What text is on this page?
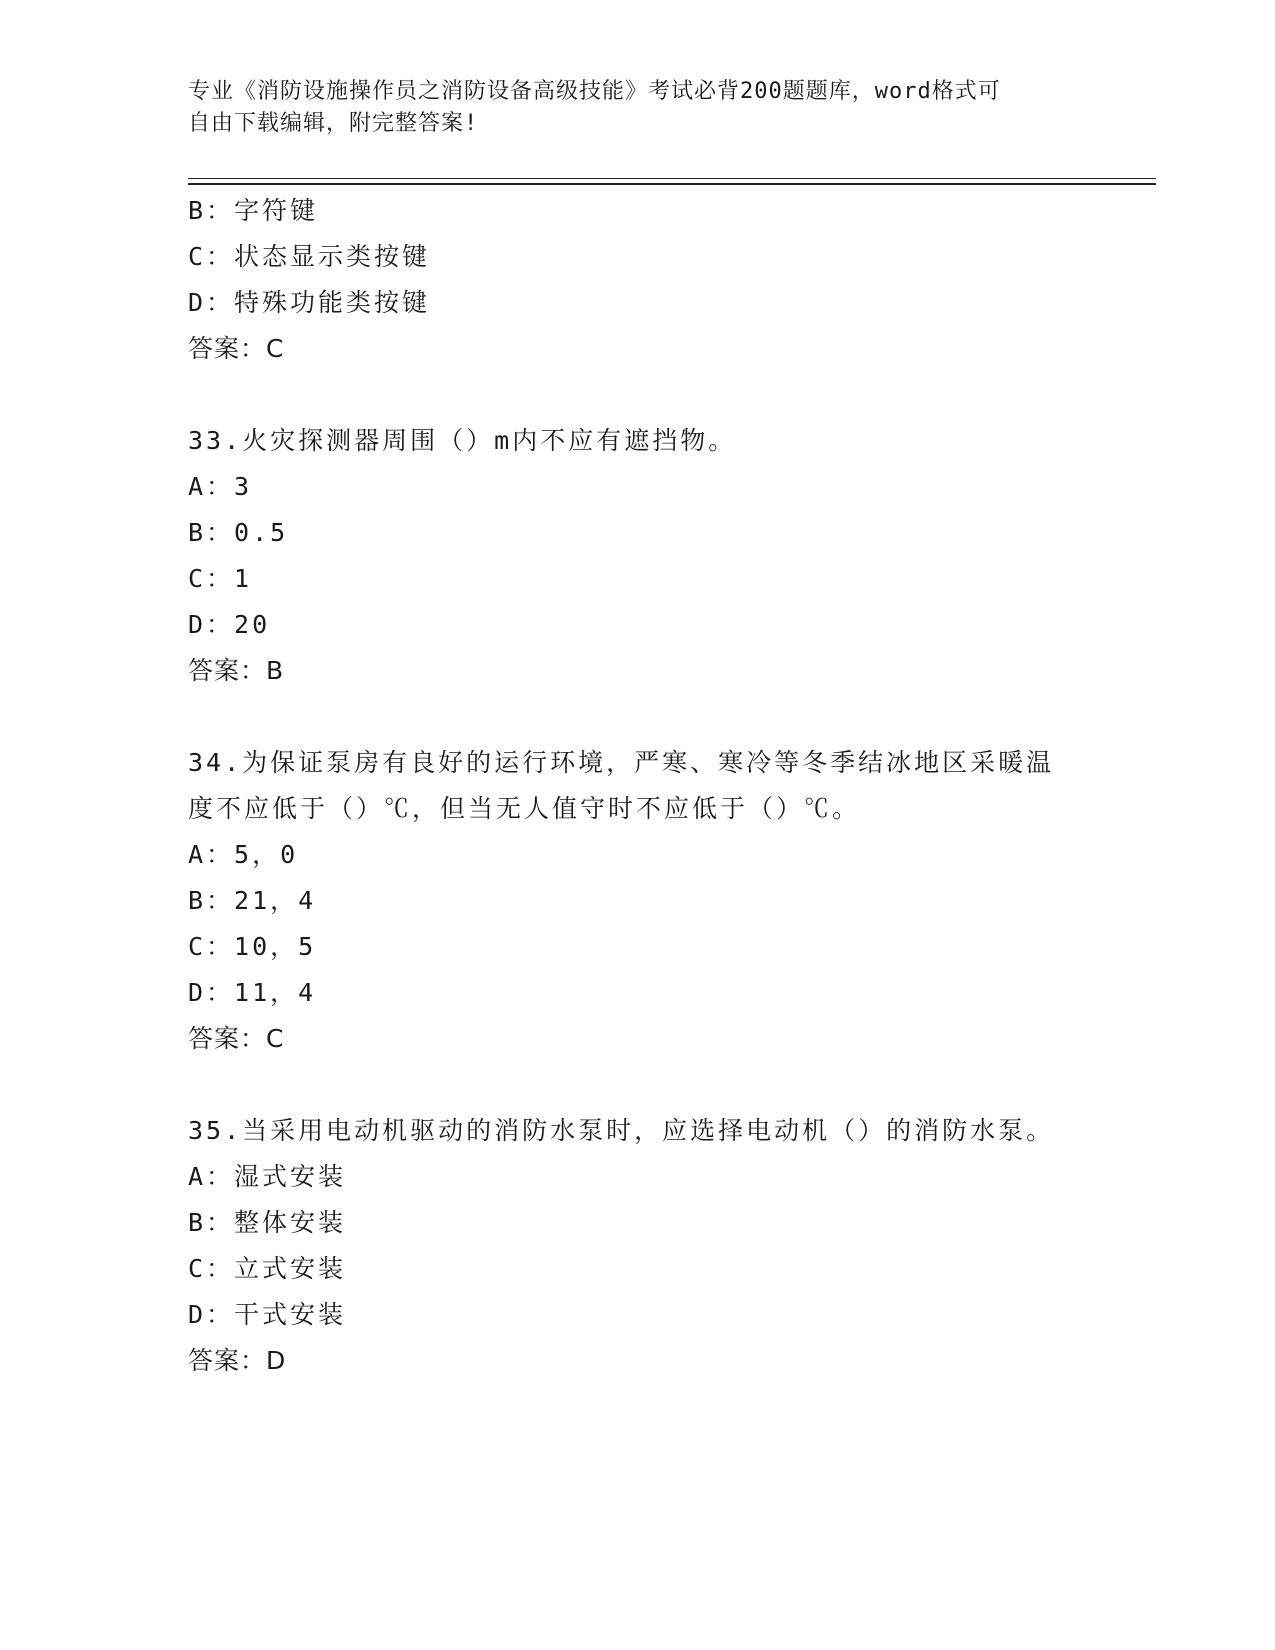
专业《消防设施操作员之消防设备高级技能》考试必背200题题库，word格式可
自由下载编辑，附完整答案!
B：字符键
C：状态显示类按键
D：特殊功能类按键
答案：C
33.火灾探测器周围（）m内不应有遮挡物。
A：3
B：0.5
C：1
D：20
答案：B
34.为保证泵房有良好的运行环境，严寒、寒冷等冬季结冰地区采暖温
度不应低于（）℃，但当无人值守时不应低于（）℃。
A：5，0
B：21，4
C：10，5
D：11，4
答案：C
35.当采用电动机驱动的消防水泵时，应选择电动机（）的消防水泵。
A：湿式安装
B：整体安装
C：立式安装
D：干式安装
答案：D
